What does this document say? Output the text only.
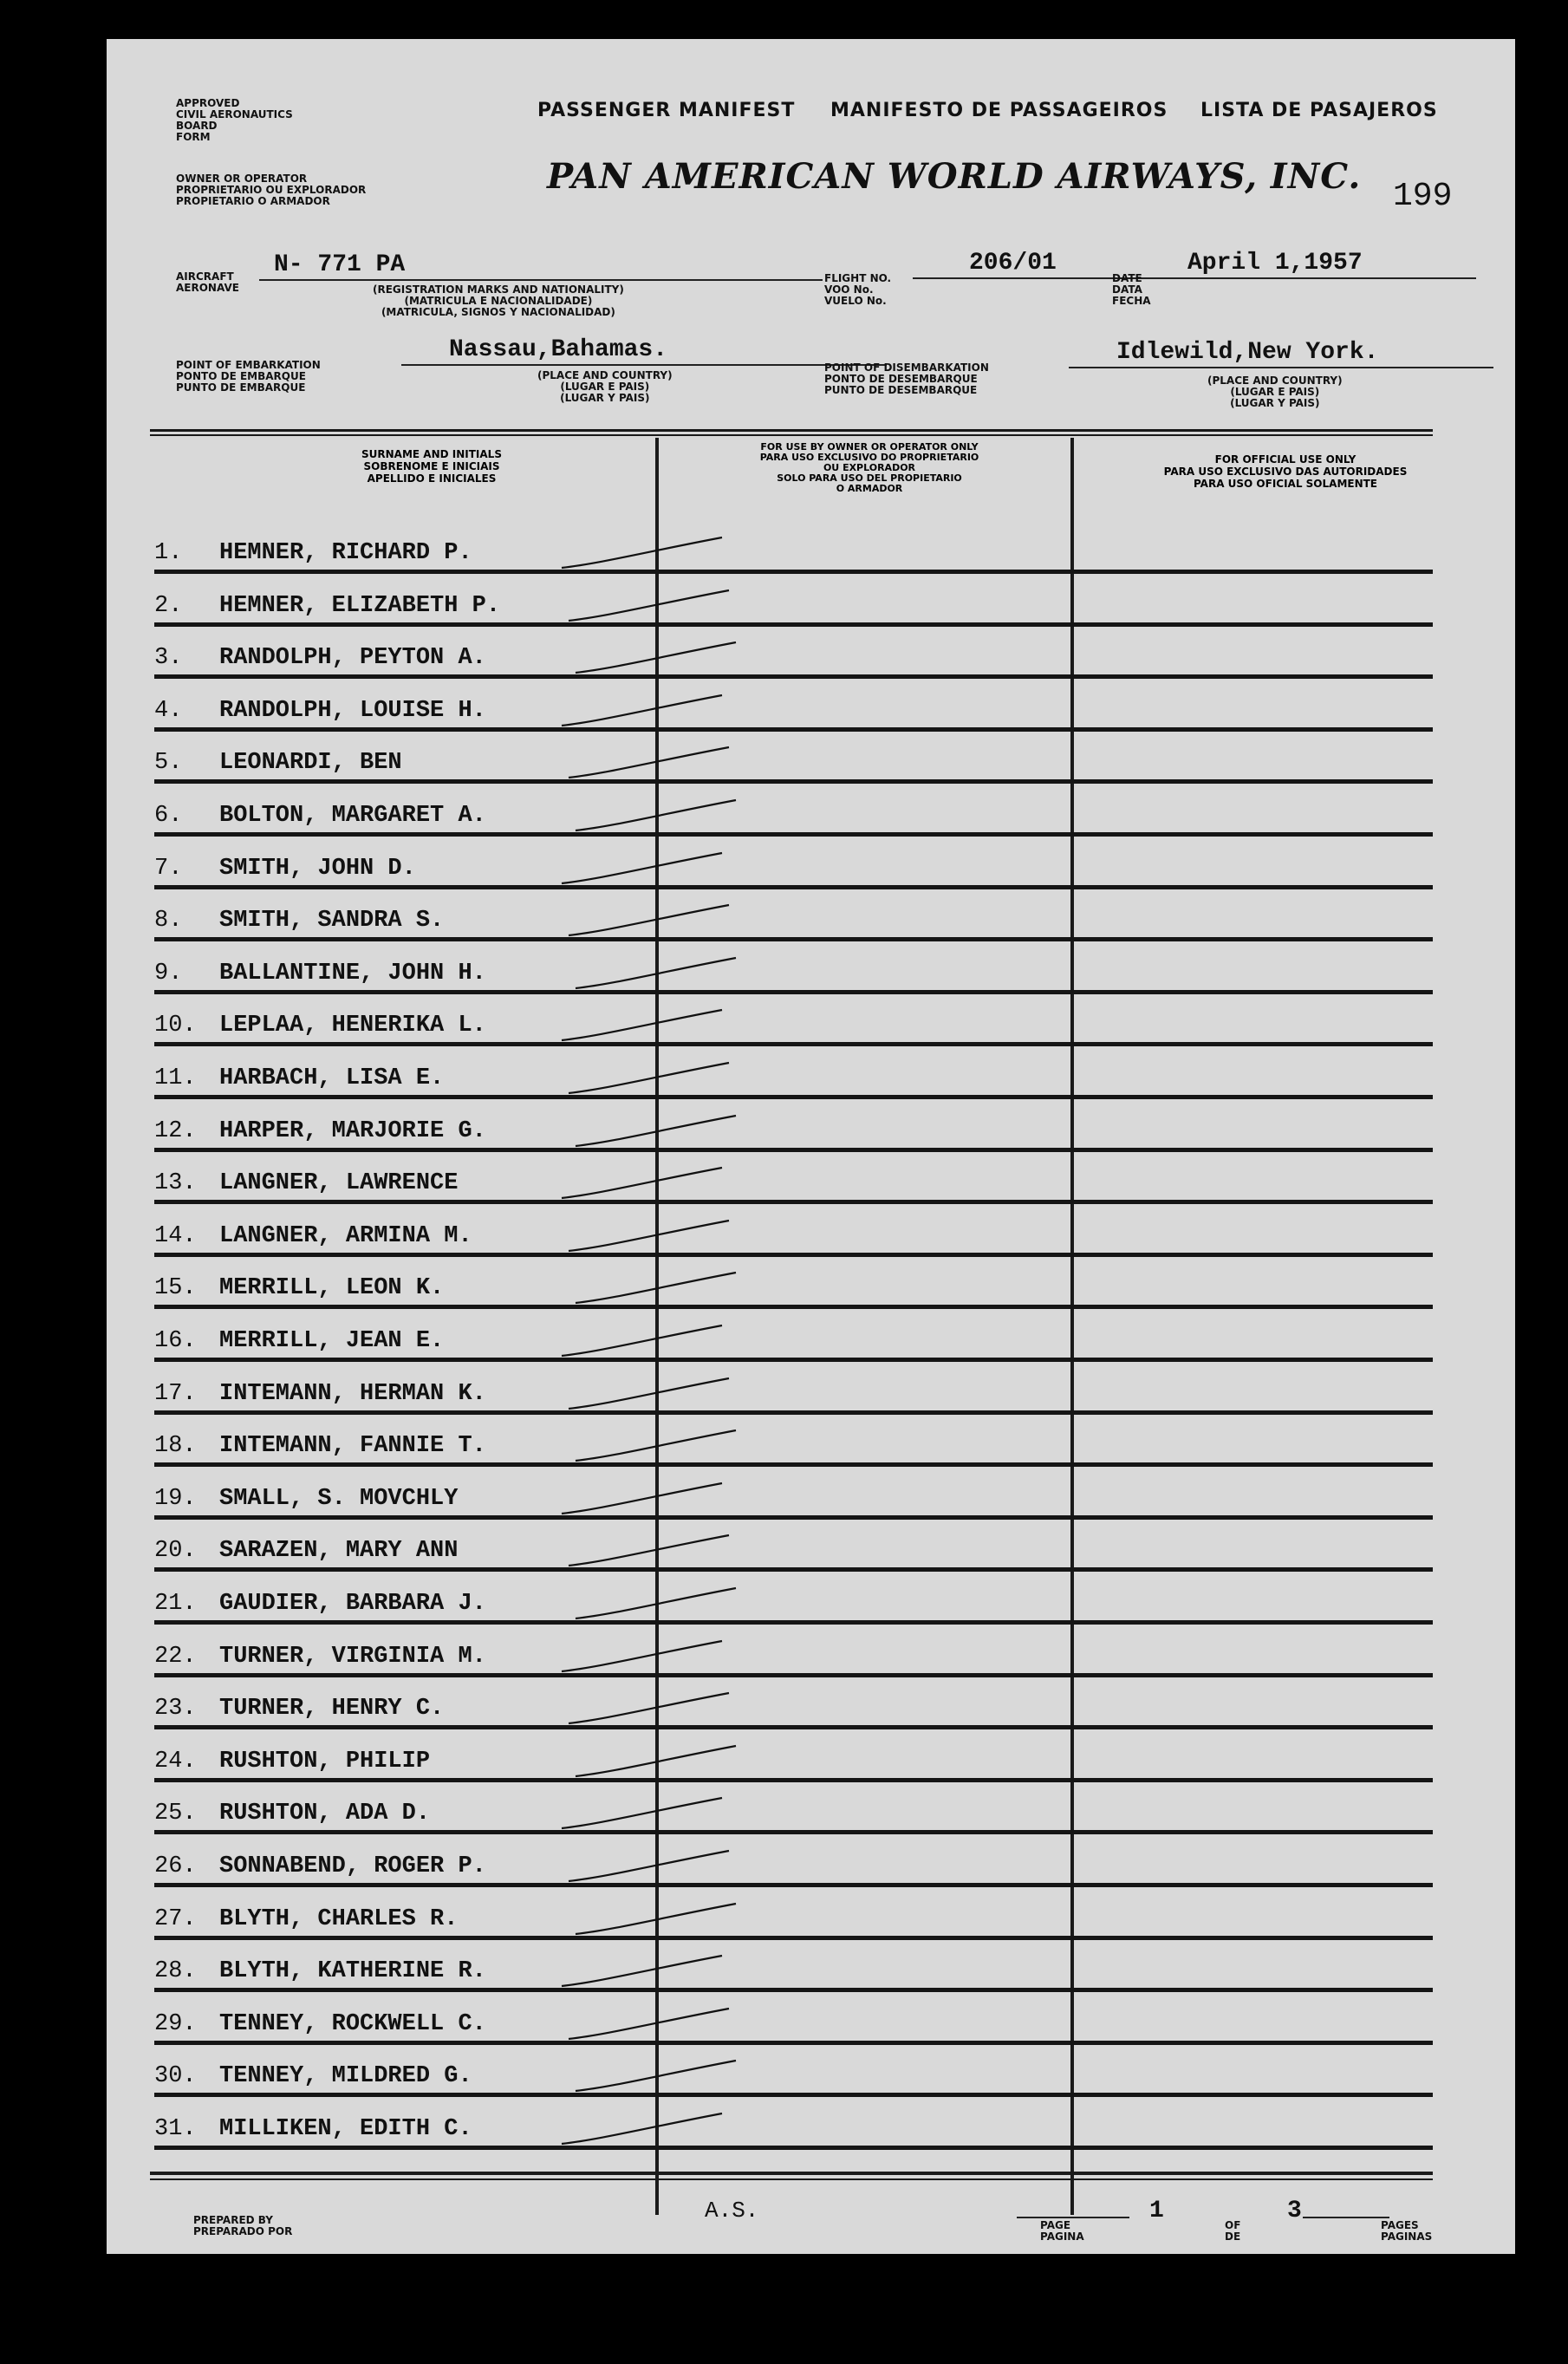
APPROVED
CIVIL AERONAUTICS
BOARD
FORM
OWNER OR OPERATOR
PROPRIETARIO OU EXPLORADOR
PROPIETARIO O ARMADOR
PASSENGER MANIFEST MANIFESTO DE PASSAGEIROS LISTA DE PASAJEROS
PAN AMERICAN WORLD AIRWAYS, INC. 199
AIRCRAFT
AERONAVE
N- 771 PA
(REGISTRATION MARKS AND NATIONALITY)
(MATRICULA E NACIONALIDADE)
(MATRICULA, SIGNOS Y NACIONALIDAD)
FLIGHT NO.
VOO No.
VUELO No.
206/01
DATE
DATA
FECHA
April 1,1957
Nassau,Bahamas.
POINT OF EMBARKATION
PONTO DE EMBARQUE
PUNTO DE EMBARQUE
(PLACE AND COUNTRY)
(LUGAR E PAIS)
(LUGAR Y PAIS)
POINT OF DISEMBARKATION
PONTO DE DESEMBARQUE
PUNTO DE DESEMBARQUE
Idlewild,New York.
(PLACE AND COUNTRY)
(LUGAR E PAIS)
(LUGAR Y PAIS)
SURNAME AND INITIALS
SOBRENOME E INICIAIS
APELLIDO E INICIALES
FOR USE BY OWNER OR OPERATOR ONLY
PARA USO EXCLUSIVO DO PROPRIETARIO
OU EXPLORADOR
SOLO PARA USO DEL PROPIETARIO
O ARMADOR
FOR OFFICIAL USE ONLY
PARA USO EXCLUSIVO DAS AUTORIDADES
PARA USO OFICIAL SOLAMENTE
1. HEMNER, RICHARD P.
2. HEMNER, ELIZABETH P.
3. RANDOLPH, PEYTON A.
4. RANDOLPH, LOUISE H.
5. LEONARDI, BEN
6. BOLTON, MARGARET A.
7. SMITH, JOHN D.
8. SMITH, SANDRA S.
9. BALLANTINE, JOHN H.
10. LEPLAA, HENERIKA L.
11. HARBACH, LISA E.
12. HARPER, MARJORIE G.
13. LANGNER, LAWRENCE
14. LANGNER, ARMINA M.
15. MERRILL, LEON K.
16. MERRILL, JEAN E.
17. INTEMANN, HERMAN K.
18. INTEMANN, FANNIE T.
19. SMALL, S. MOVCHLY
20. SARAZEN, MARY ANN
21. GAUDIER, BARBARA J.
22. TURNER, VIRGINIA M.
23. TURNER, HENRY C.
24. RUSHTON, PHILIP
25. RUSHTON, ADA D.
26. SONNABEND, ROGER P.
27. BLYTH, CHARLES R.
28. BLYTH, KATHERINE R.
29. TENNEY, ROCKWELL C.
30. TENNEY, MILDRED G.
31. MILLIKEN, EDITH C.
PREPARED BY
PREPARADO POR
A.S.
PAGE
PAGINA
1
OF
DE
3
PAGES
PAGINAS
